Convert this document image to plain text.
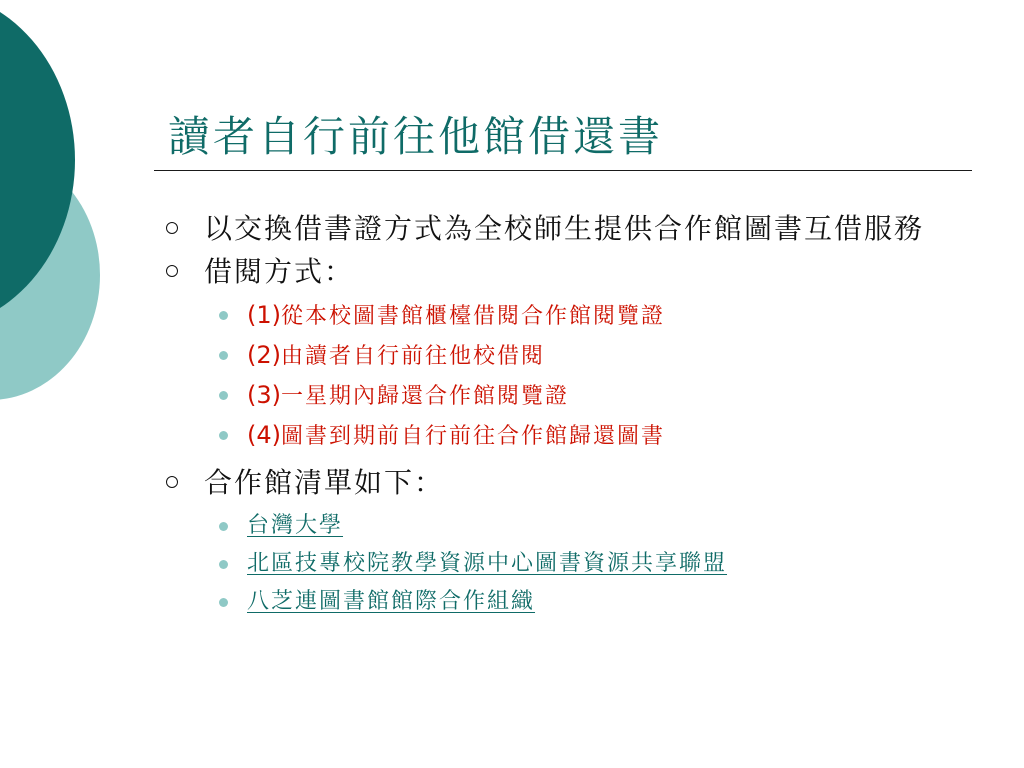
讀者自行前往他館借還書
以交換借書證方式為全校師生提供合作館圖書互借服務
借閱方式：
(1)從本校圖書館櫃檯借閱合作館閱覽證
(2)由讀者自行前往他校借閱
(3)一星期內歸還合作館閱覽證
(4)圖書到期前自行前往合作館歸還圖書
合作館清單如下：
台灣大學
北區技專校院教學資源中心圖書資源共享聯盟
八芝連圖書館館際合作組織
